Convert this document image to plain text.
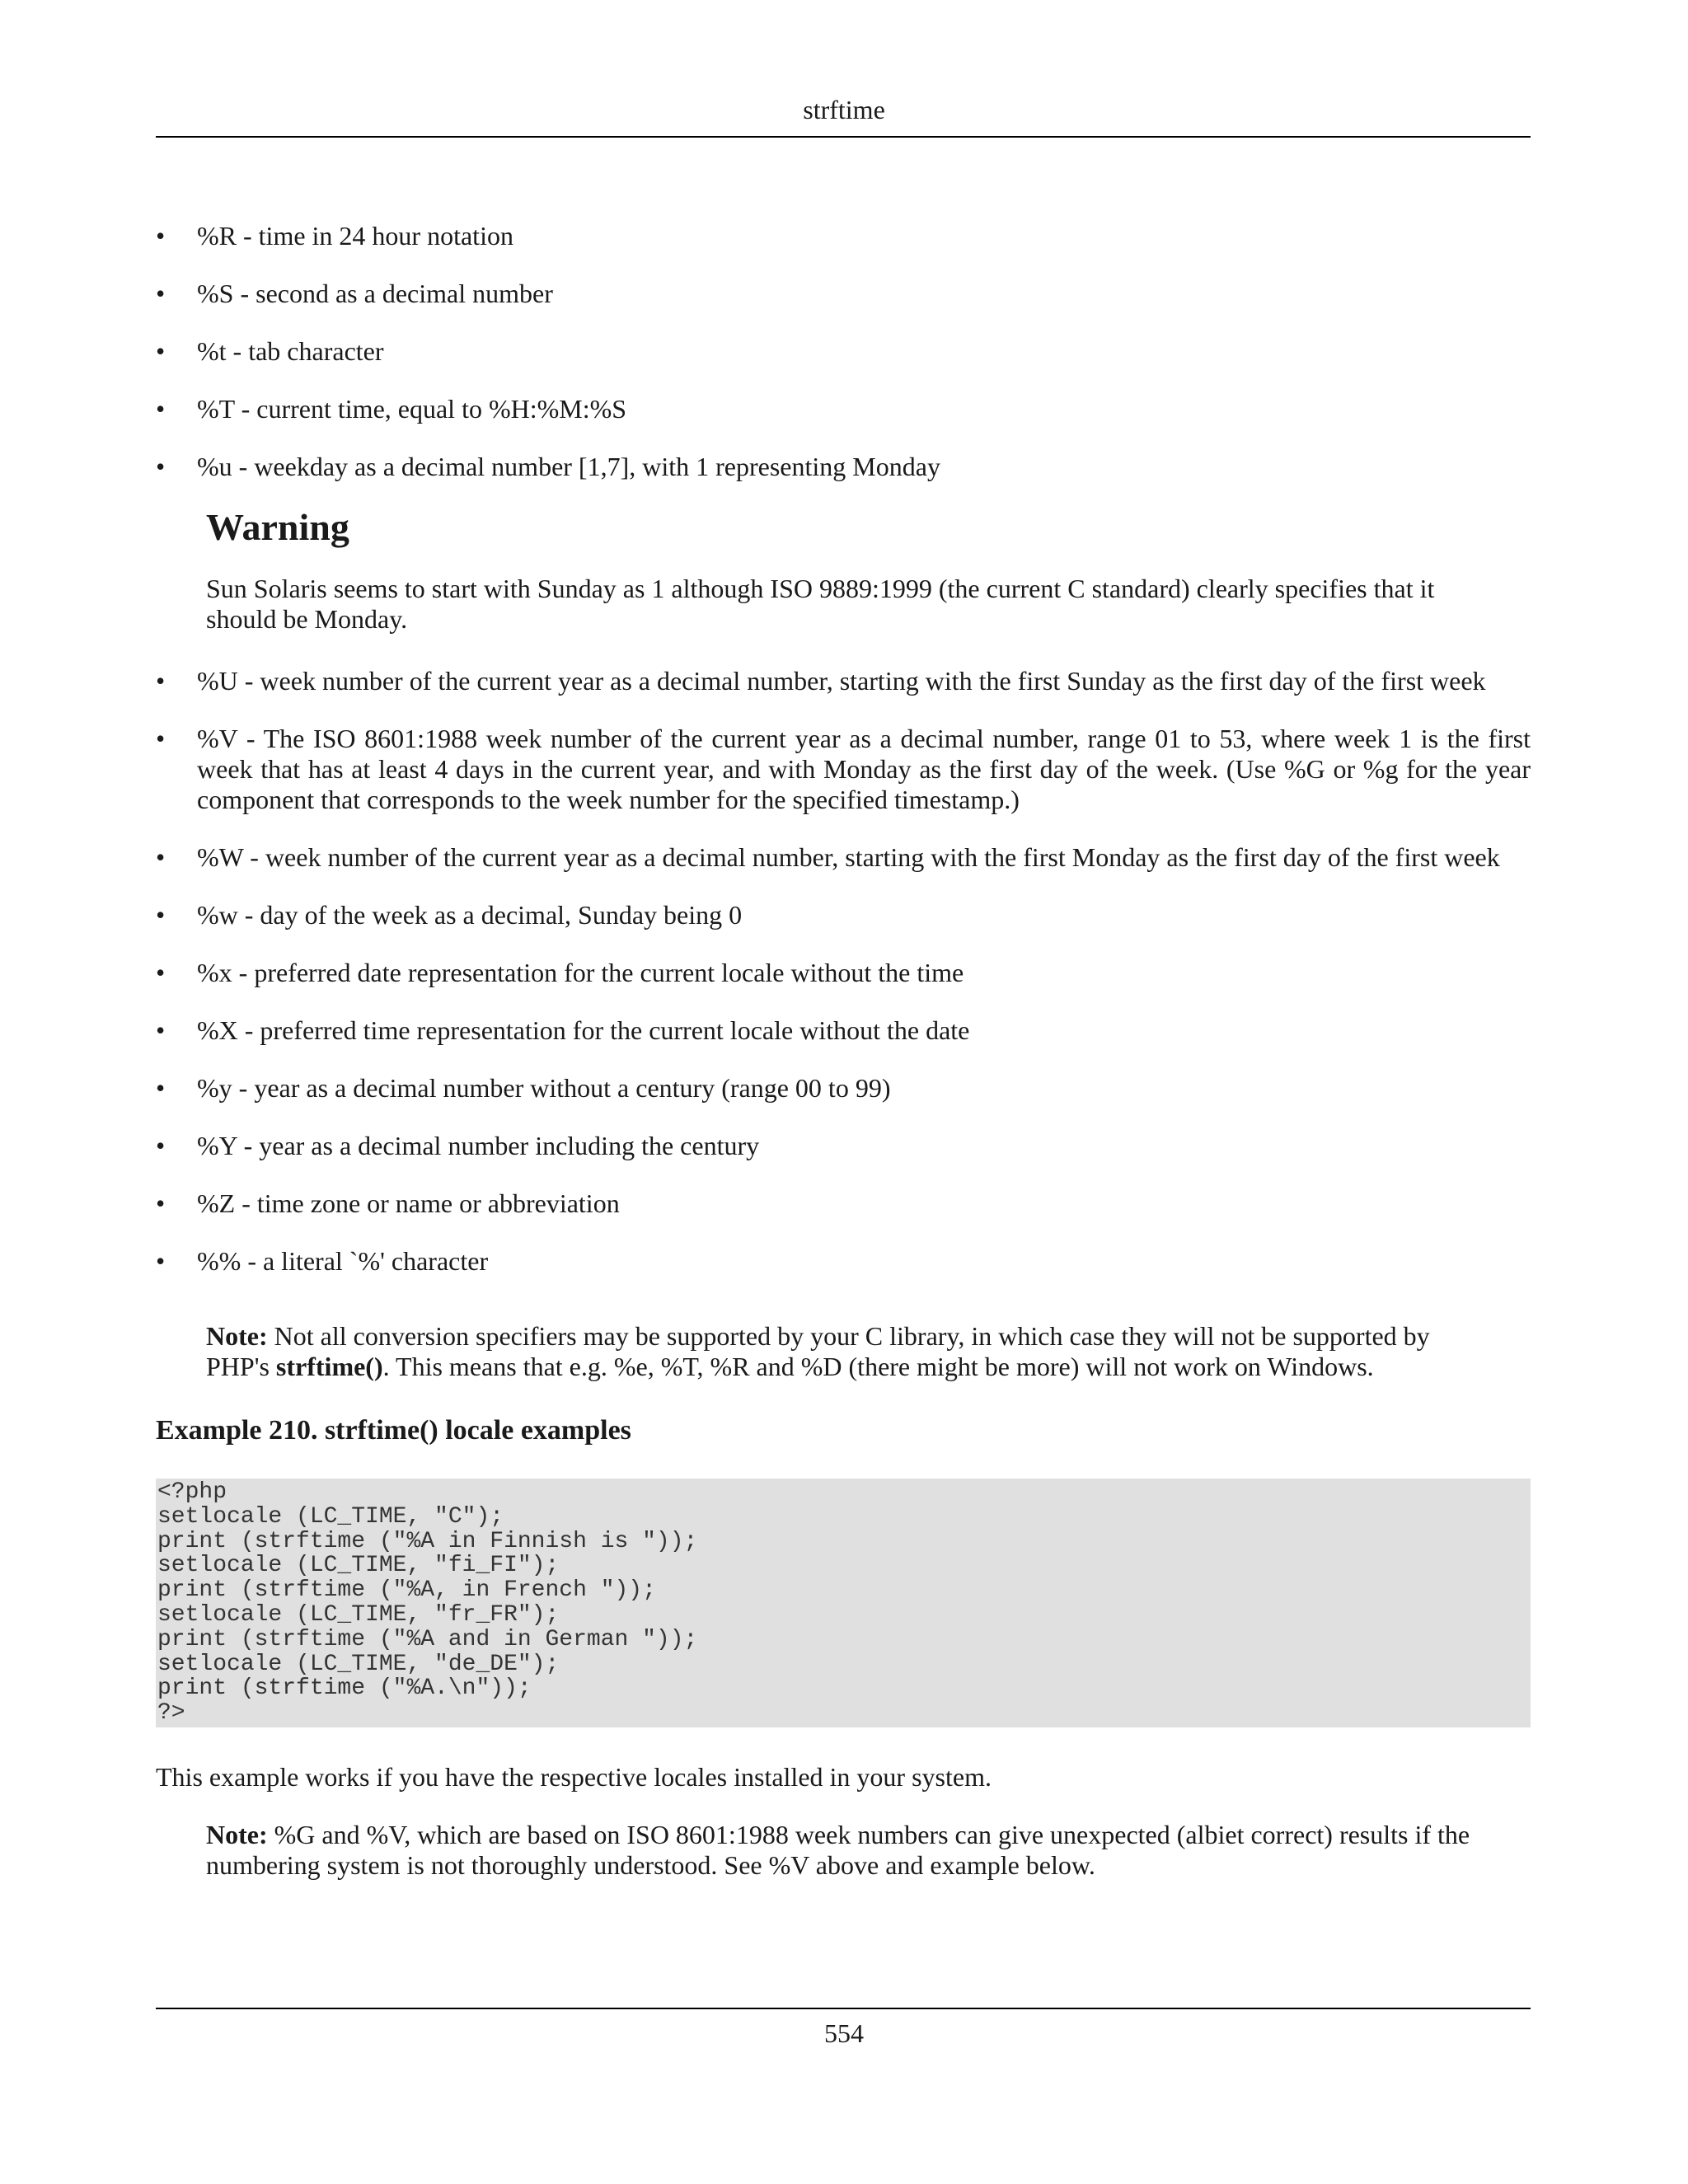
strftime
•	%R - time in 24 hour notation
•	%S - second as a decimal number
•	%t - tab character
•	%T - current time, equal to %H:%M:%S
•	%u - weekday as a decimal number [1,7], with 1 representing Monday
Warning

Sun Solaris seems to start with Sunday as 1 although ISO 9889:1999 (the current C standard) clearly specifies that it should be Monday.

•	%U - week number of the current year as a decimal number, starting with the first Sunday as the first day of the first week
•	%V - The ISO 8601:1988 week number of the current year as a decimal number, range 01 to 53, where week 1 is the first week that has at least 4 days in the current year, and with Monday as the first day of the week. (Use %G or %g for the year component that corresponds to the week number for the specified timestamp.)
•	%W - week number of the current year as a decimal number, starting with the first Monday as the first day of the first week
•	%w - day of the week as a decimal, Sunday being 0
•	%x - preferred date representation for the current locale without the time
•	%X - preferred time representation for the current locale without the date
•	%y - year as a decimal number without a century (range 00 to 99)
•	%Y - year as a decimal number including the century
•	%Z - time zone or name or abbreviation
•	%% - a literal `%' character

Note: Not all conversion specifiers may be supported by your C library, in which case they will not be supported by PHP's strftime(). This means that e.g. %e, %T, %R and %D (there might be more) will not work on Windows.

Example 210. strftime() locale examples
<?php
setlocale (LC_TIME, "C");
print (strftime ("%A in Finnish is "));
setlocale (LC_TIME, "fi_FI");
print (strftime ("%A, in French "));
setlocale (LC_TIME, "fr_FR");
print (strftime ("%A and in German "));
setlocale (LC_TIME, "de_DE");
print (strftime ("%A.\n"));
?>

This example works if you have the respective locales installed in your system.

Note: %G and %V, which are based on ISO 8601:1988 week numbers can give unexpected (albiet correct) results if the numbering system is not thoroughly understood. See %V above and example below.

554
